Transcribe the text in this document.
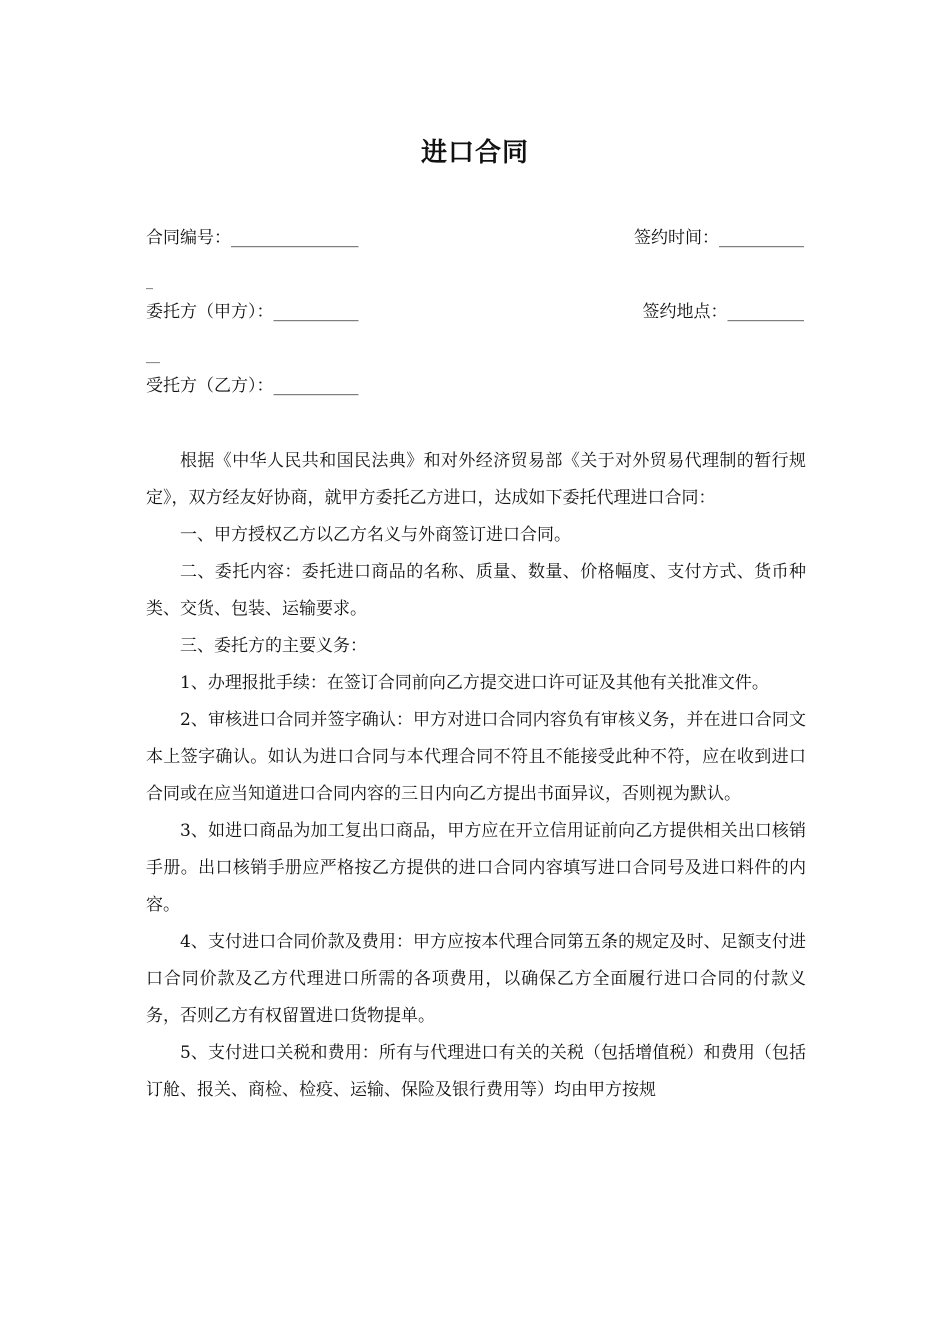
进口合同
合同编号：_______________	签约时间：__________
_
委托方（甲方）：__________	签约地点：_________
__
受托方（乙方）：__________

根据《中华人民共和国民法典》和对外经济贸易部《关于对外贸易代理制的暂行规定》，双方经友好协商，就甲方委托乙方进口，达成如下委托代理进口合同：

一、甲方授权乙方以乙方名义与外商签订进口合同。

二、委托内容：委托进口商品的名称、质量、数量、价格幅度、支付方式、货币种类、交货、包装、运输要求。

三、委托方的主要义务：

1、办理报批手续：在签订合同前向乙方提交进口许可证及其他有关批准文件。

2、审核进口合同并签字确认：甲方对进口合同内容负有审核义务，并在进口合同文本上签字确认。如认为进口合同与本代理合同不符且不能接受此种不符，应在收到进口合同或在应当知道进口合同内容的三日内向乙方提出书面异议，否则视为默认。

3、如进口商品为加工复出口商品，甲方应在开立信用证前向乙方提供相关出口核销手册。出口核销手册应严格按乙方提供的进口合同内容填写进口合同号及进口料件的内容。

4、支付进口合同价款及费用：甲方应按本代理合同第五条的规定及时、足额支付进口合同价款及乙方代理进口所需的各项费用，以确保乙方全面履行进口合同的付款义务，否则乙方有权留置进口货物提单。

5、支付进口关税和费用：所有与代理进口有关的关税（包括增值税）和费用（包括订舱、报关、商检、检疫、运输、保险及银行费用等）均由甲方按规
